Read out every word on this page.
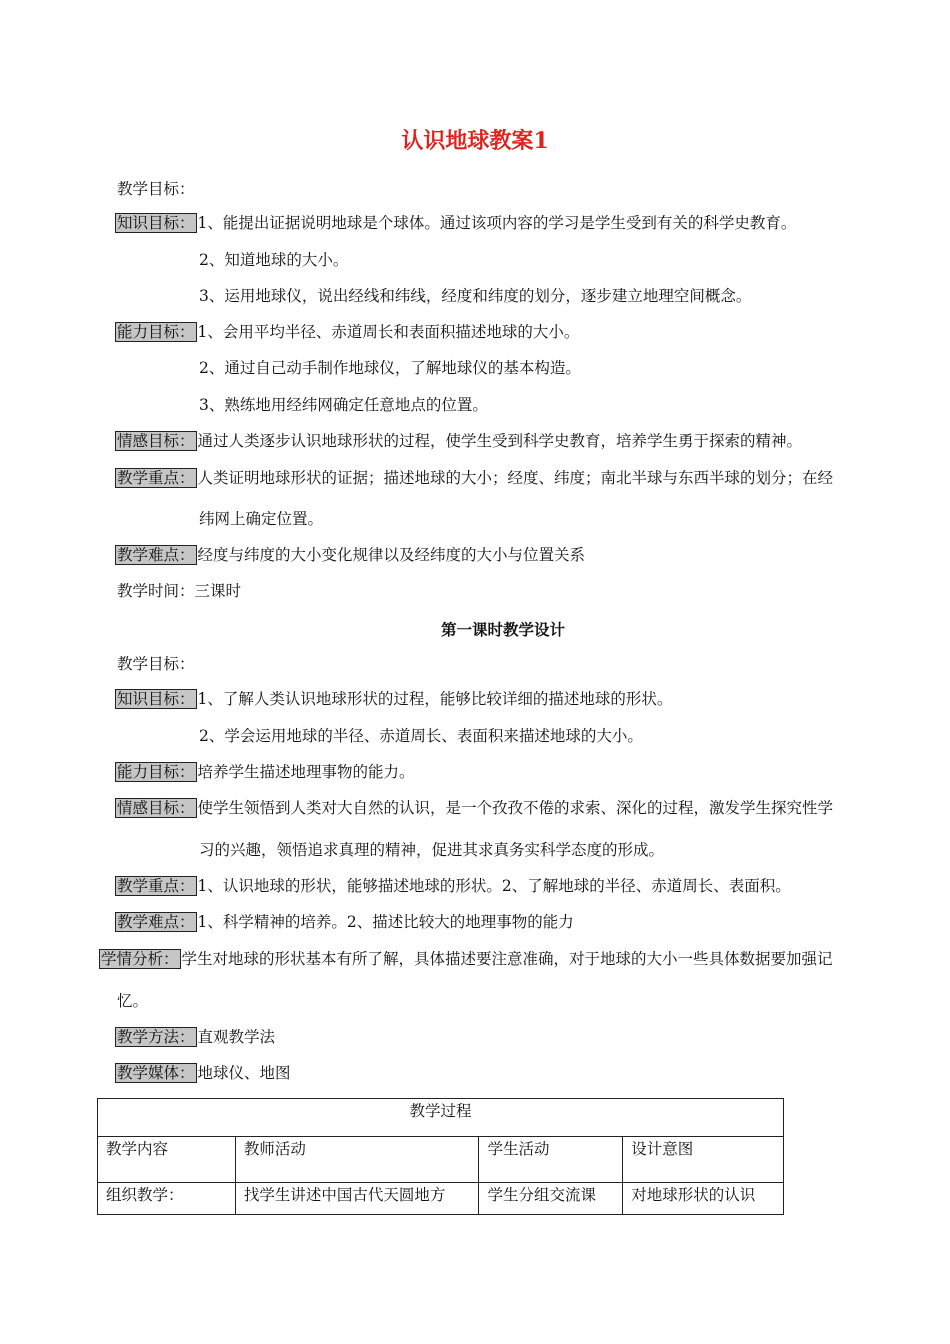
认识地球教案1
教学目标：
知识目标： 1、能提出证据说明地球是个球体。通过该项内容的学习是学生受到有关的科学史教育。
2、知道地球的大小。
3、运用地球仪，说出经线和纬线，经度和纬度的划分，逐步建立地理空间概念。
能力目标： 1、会用平均半径、赤道周长和表面积描述地球的大小。
2、通过自己动手制作地球仪，了解地球仪的基本构造。
3、熟练地用经纬网确定任意地点的位置。
情感目标： 通过人类逐步认识地球形状的过程，使学生受到科学史教育，培养学生勇于探索的精神。
教学重点： 人类证明地球形状的证据；描述地球的大小；经度、纬度；南北半球与东西半球的划分；在经
纬网上确定位置。
教学难点： 经度与纬度的大小变化规律以及经纬度的大小与位置关系
教学时间：三课时
第一课时教学设计
教学目标：
知识目标： 1、了解人类认识地球形状的过程，能够比较详细的描述地球的形状。
2、学会运用地球的半径、赤道周长、表面积来描述地球的大小。
能力目标： 培养学生描述地理事物的能力。
情感目标： 使学生领悟到人类对大自然的认识，是一个孜孜不倦的求索、深化的过程，激发学生探究性学
习的兴趣，领悟追求真理的精神，促进其求真务实科学态度的形成。
教学重点： 1、认识地球的形状，能够描述地球的形状。2、了解地球的半径、赤道周长、表面积。
教学难点： 1、科学精神的培养。2、描述比较大的地理事物的能力
学情分析： 学生对地球的形状基本有所了解，具体描述要注意准确，对于地球的大小一些具体数据要加强记
忆。
教学方法： 直观教学法
教学媒体： 地球仪、地图
教学过程			
教学内容	教师活动	学生活动	设计意图
组织教学：	找学生讲述中国古代天圆地方	学生分组交流课	对地球形状的认识
